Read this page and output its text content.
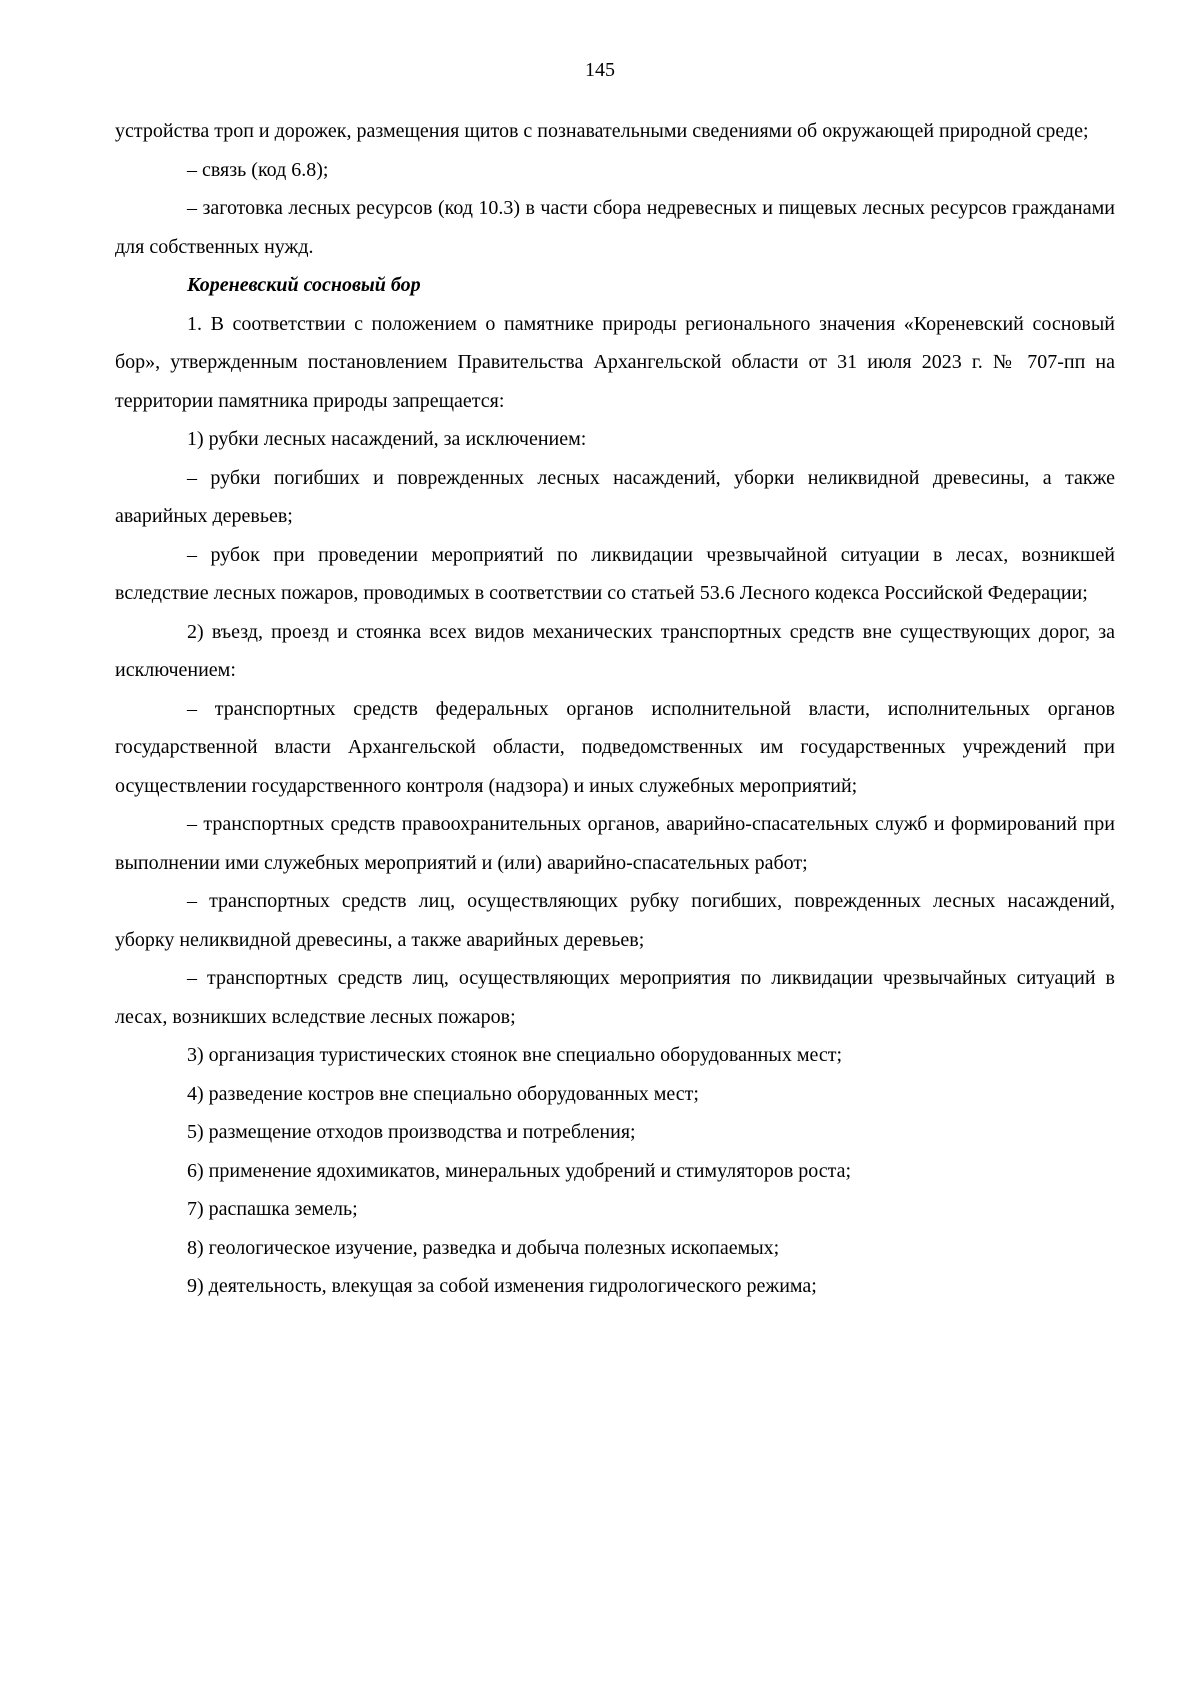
145

устройства троп и дорожек, размещения щитов с познавательными сведениями об окружающей природной среде;

– связь (код 6.8);

– заготовка лесных ресурсов (код 10.3) в части сбора недревесных и пищевых лесных ресурсов гражданами для собственных нужд.

Кореневский сосновый бор

1. В соответствии с положением о памятнике природы регионального значения «Кореневский сосновый бор», утвержденным постановлением Правительства Архангельской области от 31 июля 2023 г. № 707-пп на территории памятника природы запрещается:

1) рубки лесных насаждений, за исключением:

– рубки погибших и поврежденных лесных насаждений, уборки неликвидной древесины, а также аварийных деревьев;

– рубок при проведении мероприятий по ликвидации чрезвычайной ситуации в лесах, возникшей вследствие лесных пожаров, проводимых в соответствии со статьей 53.6 Лесного кодекса Российской Федерации;

2) въезд, проезд и стоянка всех видов механических транспортных средств вне существующих дорог, за исключением:

– транспортных средств федеральных органов исполнительной власти, исполнительных органов государственной власти Архангельской области, подведомственных им государственных учреждений при осуществлении государственного контроля (надзора) и иных служебных мероприятий;

– транспортных средств правоохранительных органов, аварийно-спасательных служб и формирований при выполнении ими служебных мероприятий и (или) аварийно-спасательных работ;

– транспортных средств лиц, осуществляющих рубку погибших, поврежденных лесных насаждений, уборку неликвидной древесины, а также аварийных деревьев;

– транспортных средств лиц, осуществляющих мероприятия по ликвидации чрезвычайных ситуаций в лесах, возникших вследствие лесных пожаров;

3) организация туристических стоянок вне специально оборудованных мест;

4) разведение костров вне специально оборудованных мест;

5) размещение отходов производства и потребления;

6) применение ядохимикатов, минеральных удобрений и стимуляторов роста;

7) распашка земель;

8) геологическое изучение, разведка и добыча полезных ископаемых;

9) деятельность, влекущая за собой изменения гидрологического режима;
